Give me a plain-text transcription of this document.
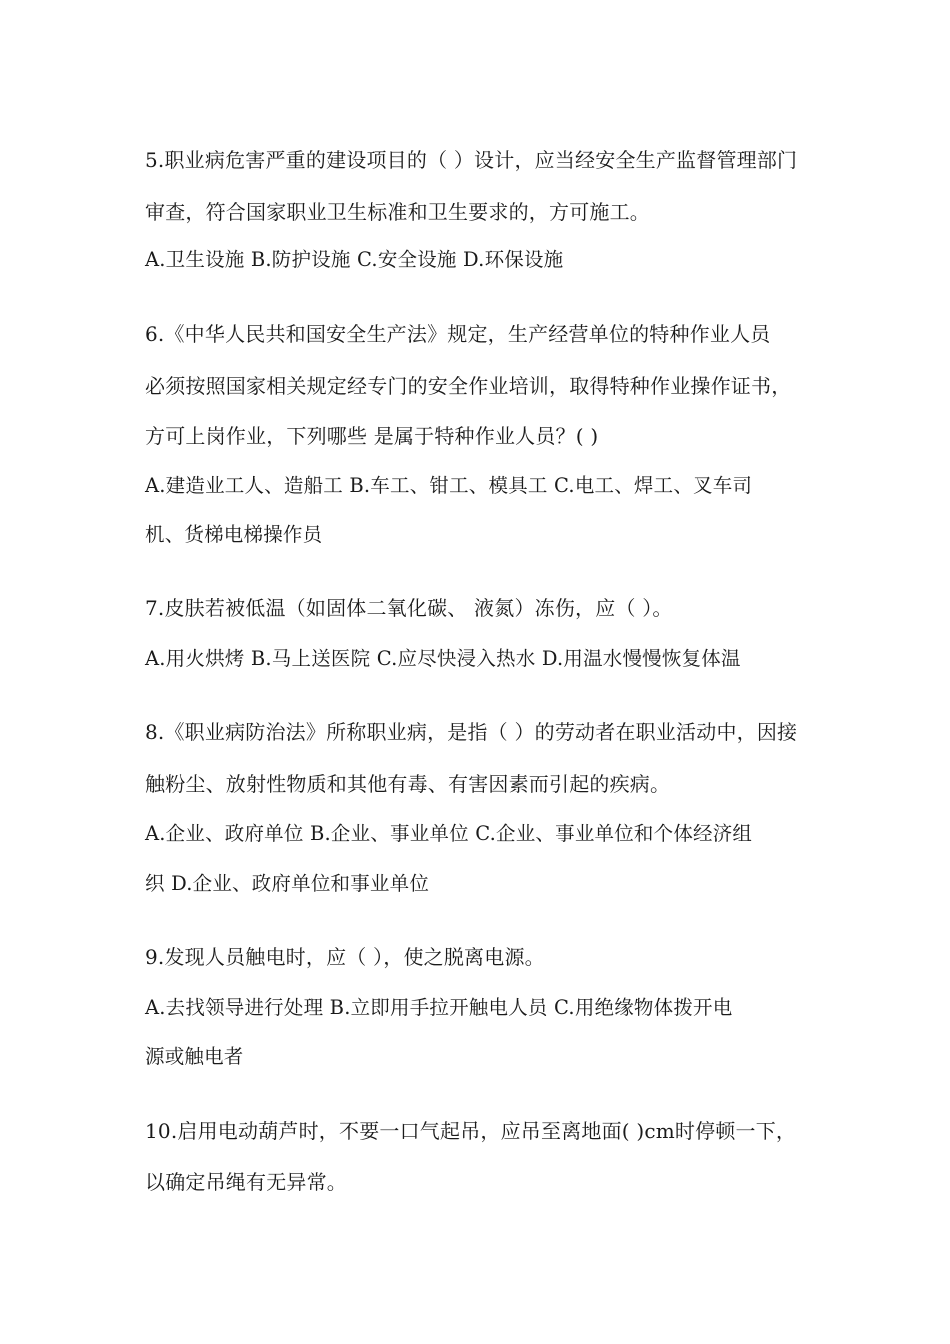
5.职业病危害严重的建设项目的（ ）设计，应当经安全生产监督管理部门
审查，符合国家职业卫生标准和卫生要求的，方可施工。
A.卫生设施 B.防护设施 C.安全设施 D.环保设施
6.《中华人民共和国安全生产法》规定，生产经营单位的特种作业人员
必须按照国家相关规定经专门的安全作业培训，取得特种作业操作证书，
方可上岗作业，下列哪些 是属于特种作业人员？( )
A.建造业工人、造船工 B.车工、钳工、模具工 C.电工、焊工、叉车司
机、货梯电梯操作员
7.皮肤若被低温（如固体二氧化碳、 液氮）冻伤，应（ ）。
A.用火烘烤 B.马上送医院 C.应尽快浸入热水 D.用温水慢慢恢复体温
8.《职业病防治法》所称职业病，是指（ ）的劳动者在职业活动中，因接
触粉尘、放射性物质和其他有毒、有害因素而引起的疾病。
A.企业、政府单位 B.企业、事业单位 C.企业、事业单位和个体经济组
织 D.企业、政府单位和事业单位
9.发现人员触电时，应（ ），使之脱离电源。
A.去找领导进行处理 B.立即用手拉开触电人员 C.用绝缘物体拨开电
源或触电者
10.启用电动葫芦时，不要一口气起吊，应吊至离地面( )cm时停顿一下，
以确定吊绳有无异常。
